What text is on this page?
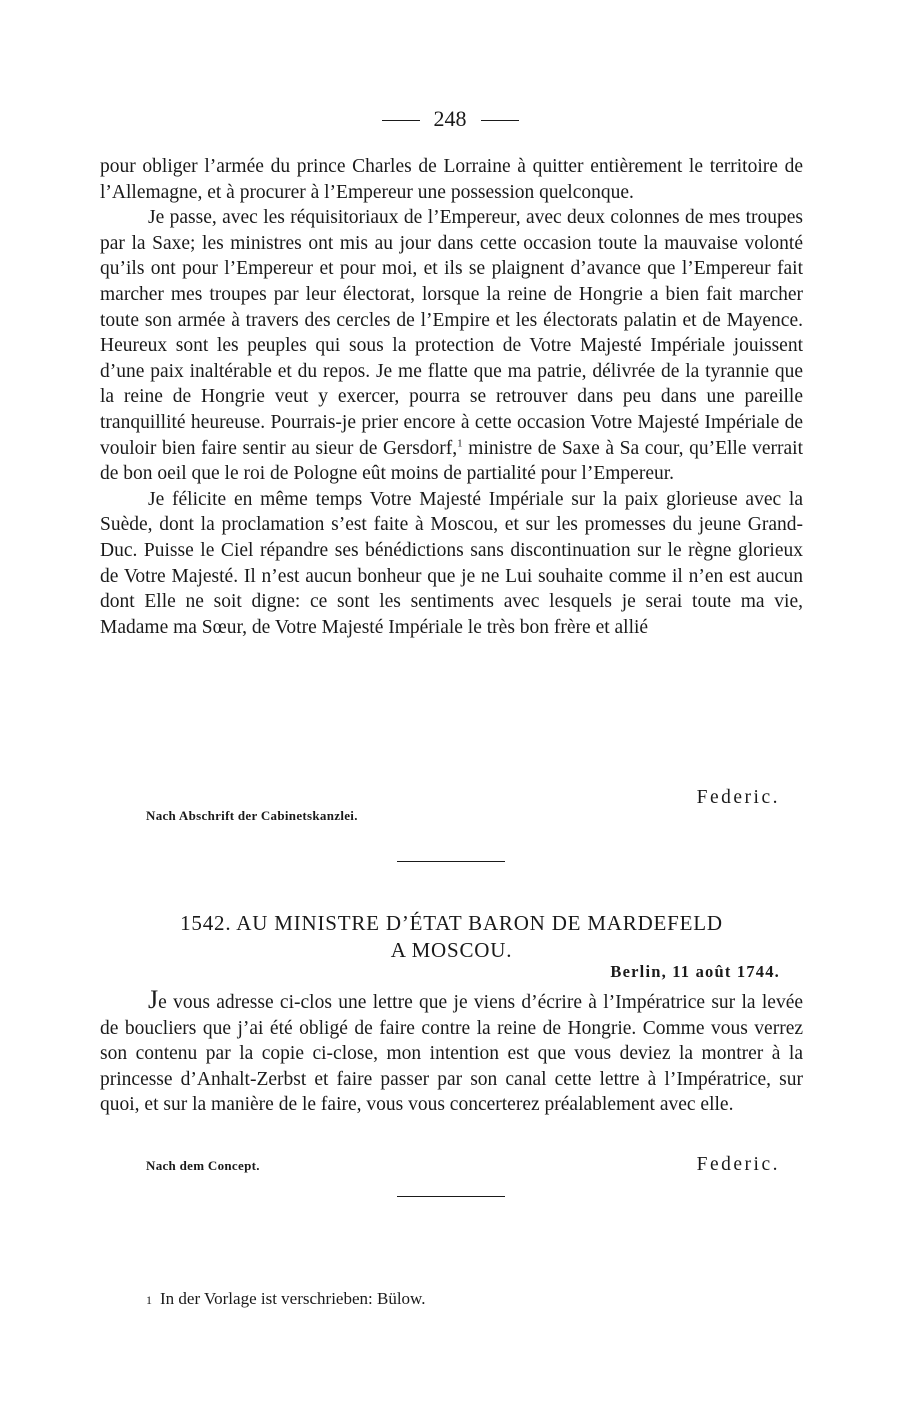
248

pour obliger l’armée du prince Charles de Lorraine à quitter entièrement le territoire de l’Allemagne, et à procurer à l’Empereur une possession quelconque.

Je passe, avec les réquisitoriaux de l’Empereur, avec deux colonnes de mes troupes par la Saxe; les ministres ont mis au jour dans cette occasion toute la mauvaise volonté qu’ils ont pour l’Empereur et pour moi, et ils se plaignent d’avance que l’Empereur fait marcher mes troupes par leur électorat, lorsque la reine de Hongrie a bien fait marcher toute son armée à travers des cercles de l’Empire et les électorats palatin et de Mayence. Heureux sont les peuples qui sous la protection de Votre Majesté Impériale jouissent d’une paix inaltérable et du repos. Je me flatte que ma patrie, délivrée de la tyrannie que la reine de Hongrie veut y exercer, pourra se retrouver dans peu dans une pareille tranquillité heureuse. Pourrais-je prier encore à cette occasion Votre Majesté Impériale de vouloir bien faire sentir au sieur de Gersdorf,$^1$ ministre de Saxe à Sa cour, qu’Elle verrait de bon oeil que le roi de Pologne eût moins de partialité pour l’Empereur.

Je félicite en même temps Votre Majesté Impériale sur la paix glorieuse avec la Suède, dont la proclamation s’est faite à Moscou, et sur les promesses du jeune Grand-Duc. Puisse le Ciel répandre ses bénédictions sans discontinuation sur le règne glorieux de Votre Majesté. Il n’est aucun bonheur que je ne Lui souhaite comme il n’en est aucun dont Elle ne soit digne: ce sont les sentiments avec lesquels je serai toute ma vie, Madame ma Sœur, de Votre Majesté Impériale le très bon frère et allié

Federic.
Nach Abschrift der Cabinetskanzlei.
1542. AU MINISTRE D’ÉTAT BARON DE MARDEFELD
A MOSCOU.
Berlin, 11 août 1744.

Je vous adresse ci-clos une lettre que je viens d’écrire à l’Impératrice sur la levée de boucliers que j’ai été obligé de faire contre la reine de Hongrie. Comme vous verrez son contenu par la copie ci-close, mon intention est que vous deviez la montrer à la princesse d’Anhalt-Zerbst et faire passer par son canal cette lettre à l’Impératrice, sur quoi, et sur la manière de le faire, vous vous concerterez préalablement avec elle.

Nach dem Concept.	Federic.
1 In der Vorlage ist verschrieben: Bülow.
